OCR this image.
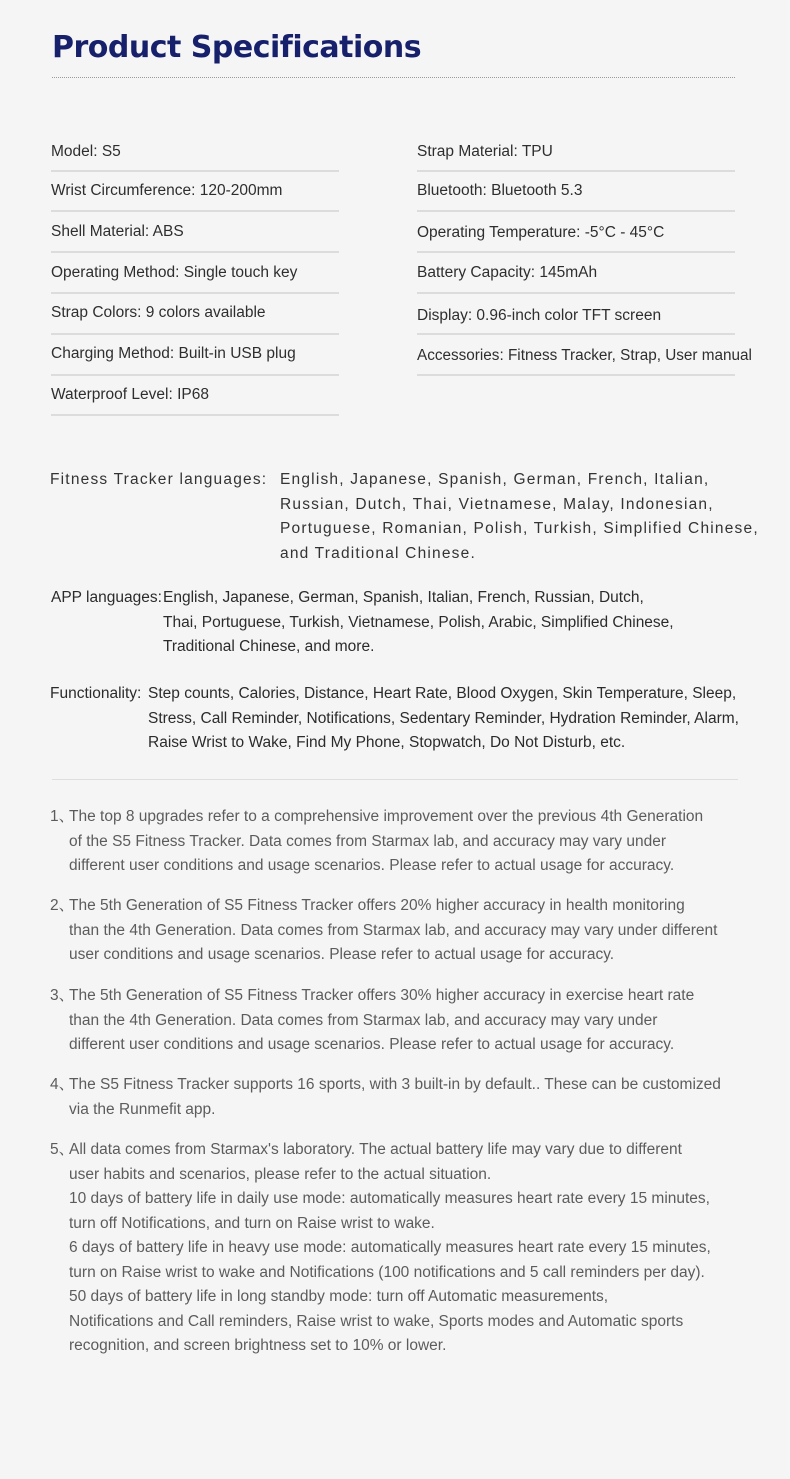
Product Specifications
Model: S5
Wrist Circumference: 120-200mm
Shell Material: ABS
Operating Method: Single touch key
Strap Colors: 9 colors available
Charging Method: Built-in USB plug
Waterproof Level: IP68
Strap Material: TPU
Bluetooth: Bluetooth 5.3
Operating Temperature: -5°C - 45°C
Battery Capacity: 145mAh
Display: 0.96-inch color TFT screen
Accessories: Fitness Tracker, Strap, User manual
Fitness Tracker languages: English, Japanese, Spanish, German, French, Italian,
Russian, Dutch, Thai, Vietnamese, Malay, Indonesian,
Portuguese, Romanian, Polish, Turkish, Simplified Chinese,
and Traditional Chinese.
APP languages: English, Japanese, German, Spanish, Italian, French, Russian, Dutch,
Thai, Portuguese, Turkish, Vietnamese, Polish, Arabic, Simplified Chinese,
Traditional Chinese, and more.
Functionality: Step counts, Calories, Distance, Heart Rate, Blood Oxygen, Skin Temperature, Sleep,
Stress, Call Reminder, Notifications, Sedentary Reminder, Hydration Reminder, Alarm,
Raise Wrist to Wake, Find My Phone, Stopwatch, Do Not Disturb, etc.
1、
The top 8 upgrades refer to a comprehensive improvement over the previous 4th Generation
of the S5 Fitness Tracker. Data comes from Starmax lab, and accuracy may vary under
different user conditions and usage scenarios. Please refer to actual usage for accuracy.
2、
The 5th Generation of S5 Fitness Tracker offers 20% higher accuracy in health monitoring
than the 4th Generation. Data comes from Starmax lab, and accuracy may vary under different
user conditions and usage scenarios. Please refer to actual usage for accuracy.
3、
The 5th Generation of S5 Fitness Tracker offers 30% higher accuracy in exercise heart rate
than the 4th Generation. Data comes from Starmax lab, and accuracy may vary under
different user conditions and usage scenarios. Please refer to actual usage for accuracy.
4、
The S5 Fitness Tracker supports 16 sports, with 3 built-in by default.. These can be customized
via the Runmefit app.
5、
All data comes from Starmax's laboratory. The actual battery life may vary due to different
user habits and scenarios, please refer to the actual situation.
10 days of battery life in daily use mode: automatically measures heart rate every 15 minutes,
turn off Notifications, and turn on Raise wrist to wake.
6 days of battery life in heavy use mode: automatically measures heart rate every 15 minutes,
turn on Raise wrist to wake and Notifications (100 notifications and 5 call reminders per day).
50 days of battery life in long standby mode: turn off Automatic measurements,
Notifications and Call reminders, Raise wrist to wake, Sports modes and Automatic sports
recognition, and screen brightness set to 10% or lower.
